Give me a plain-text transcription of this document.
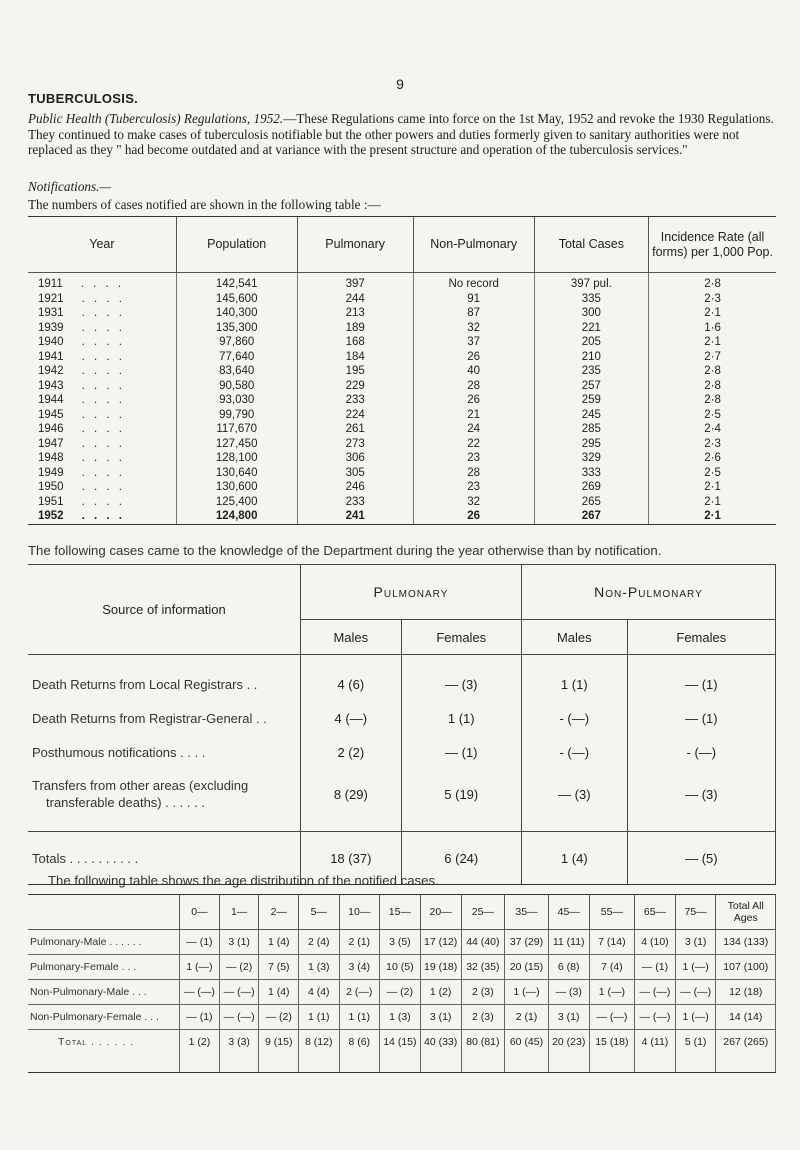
9
TUBERCULOSIS.
Public Health (Tuberculosis) Regulations, 1952.—These Regulations came into force on the 1st May, 1952 and revoke the 1930 Regulations. They continued to make cases of tuberculosis notifiable but the other powers and duties formerly given to sanitary authorities were not replaced as they " had become outdated and at variance with the present structure and operation of the tuberculosis services."
Notifications.—
The numbers of cases notified are shown in the following table :—
Year	Population	Pulmonary	Non-Pulmonary	Total Cases	Incidence Rate (all forms) per 1,000 Pop.
1911 . . . .	142,541	397	No record	397 pul.	2·8
1921 . . . .	145,600	244	91	335	2·3
1931 . . . .	140,300	213	87	300	2·1
1939 . . . .	135,300	189	32	221	1·6
1940 . . . .	97,860	168	37	205	2·1
1941 . . . .	77,640	184	26	210	2·7
1942 . . . .	83,640	195	40	235	2·8
1943 . . . .	90,580	229	28	257	2·8
1944 . . . .	93,030	233	26	259	2·8
1945 . . . .	99,790	224	21	245	2·5
1946 . . . .	117,670	261	24	285	2·4
1947 . . . .	127,450	273	22	295	2·3
1948 . . . .	128,100	306	23	329	2·6
1949 . . . .	130,640	305	28	333	2·5
1950 . . . .	130,600	246	23	269	2·1
1951 . . . .	125,400	233	32	265	2·1
1952 . . . .	124,800	241	26	267	2·1
The following cases came to the knowledge of the Department during the year otherwise than by notification.
Source of information	Pulmonary		Non-Pulmonary	
	Males	Females	Males	Females

Death Returns from Local Registrars . .	4 (6)	— (3)	1 (1)	— (1)
Death Returns from Registrar-General . .	4 (—)	1 (1)	- (—)	— (1)
Posthumous notifications . . . .	2 (2)	— (1)	- (—)	- (—)
Transfers from other areas (excluding
transferable deaths) . . . . . .	8 (29)	5 (19)	— (3)	— (3)

Totals . . . . . . . . . .	18 (37)	6 (24)	1 (4)	— (5)
The following table shows the age distribution of the notified cases.
	0—	1—	2—	5—	10—	15—	20—	25—	35—	45—	55—	65—	75—	Total All Ages
Pulmonary-Male . . . . . .	— (1)	3 (1)	1 (4)	2 (4)	2 (1)	3 (5)	17 (12)	44 (40)	37 (29)	11 (11)	7 (14)	4 (10)	3 (1)	134 (133)
Pulmonary-Female . . .	1 (—)	— (2)	7 (5)	1 (3)	3 (4)	10 (5)	19 (18)	32 (35)	20 (15)	6 (8)	7 (4)	— (1)	1 (—)	107 (100)
Non-Pulmonary-Male . . .	— (—)	— (—)	1 (4)	4 (4)	2 (—)	— (2)	1 (2)	2 (3)	1 (—)	— (3)	1 (—)	— (—)	— (—)	12 (18)
Non-Pulmonary-Female . . .	— (1)	— (—)	— (2)	1 (1)	1 (1)	1 (3)	3 (1)	2 (3)	2 (1)	3 (1)	— (—)	— (—)	1 (—)	14 (14)
Total . . . . . .	1 (2)	3 (3)	9 (15)	8 (12)	8 (6)	14 (15)	40 (33)	80 (81)	60 (45)	20 (23)	15 (18)	4 (11)	5 (1)	267 (265)
